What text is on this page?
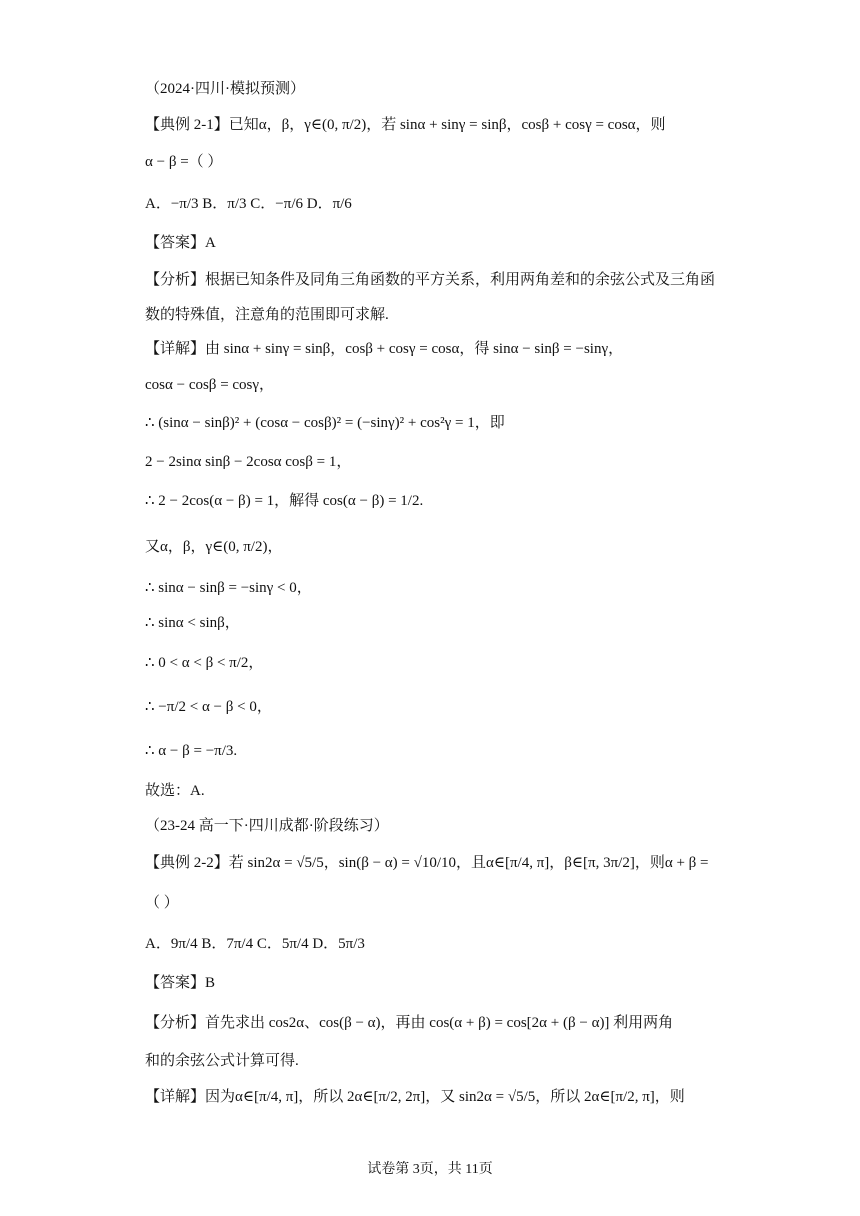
（2024·四川·模拟预测）
【典例 2-1】已知α，β，γ∈(0, π/2)，若 sinα + sinγ = sinβ，cosβ + cosγ = cosα，则
α − β =（ ）
A．−π/3 B．π/3 C．−π/6 D．π/6
【答案】A
【分析】根据已知条件及同角三角函数的平方关系，利用两角差和的余弦公式及三角函
数的特殊值，注意角的范围即可求解.
【详解】由 sinα + sinγ = sinβ，cosβ + cosγ = cosα，得 sinα − sinβ = −sinγ，
cosα − cosβ = cosγ，
∴ (sinα − sinβ)² + (cosα − cosβ)² = (−sinγ)² + cos²γ = 1，即
2 − 2sinα sinβ − 2cosα cosβ = 1，
∴ 2 − 2cos(α − β) = 1，解得 cos(α − β) = 1/2.
又α，β，γ∈(0, π/2)，
∴ sinα − sinβ = −sinγ < 0，
∴ sinα < sinβ，
∴ 0 < α < β < π/2，
∴ −π/2 < α − β < 0，
∴ α − β = −π/3.
故选：A.
（23-24 高一下·四川成都·阶段练习）
【典例 2-2】若 sin2α = √5/5，sin(β − α) = √10/10，且α∈[π/4, π]，β∈[π, 3π/2]，则α + β =
（ ）
A．9π/4 B．7π/4 C．5π/4 D．5π/3
【答案】B
【分析】首先求出 cos2α、cos(β − α)，再由 cos(α + β) = cos[2α + (β − α)] 利用两角
和的余弦公式计算可得.
【详解】因为α∈[π/4, π]，所以 2α∈[π/2, 2π]，又 sin2α = √5/5，所以 2α∈[π/2, π]，则
试卷第 3页，共 11页
